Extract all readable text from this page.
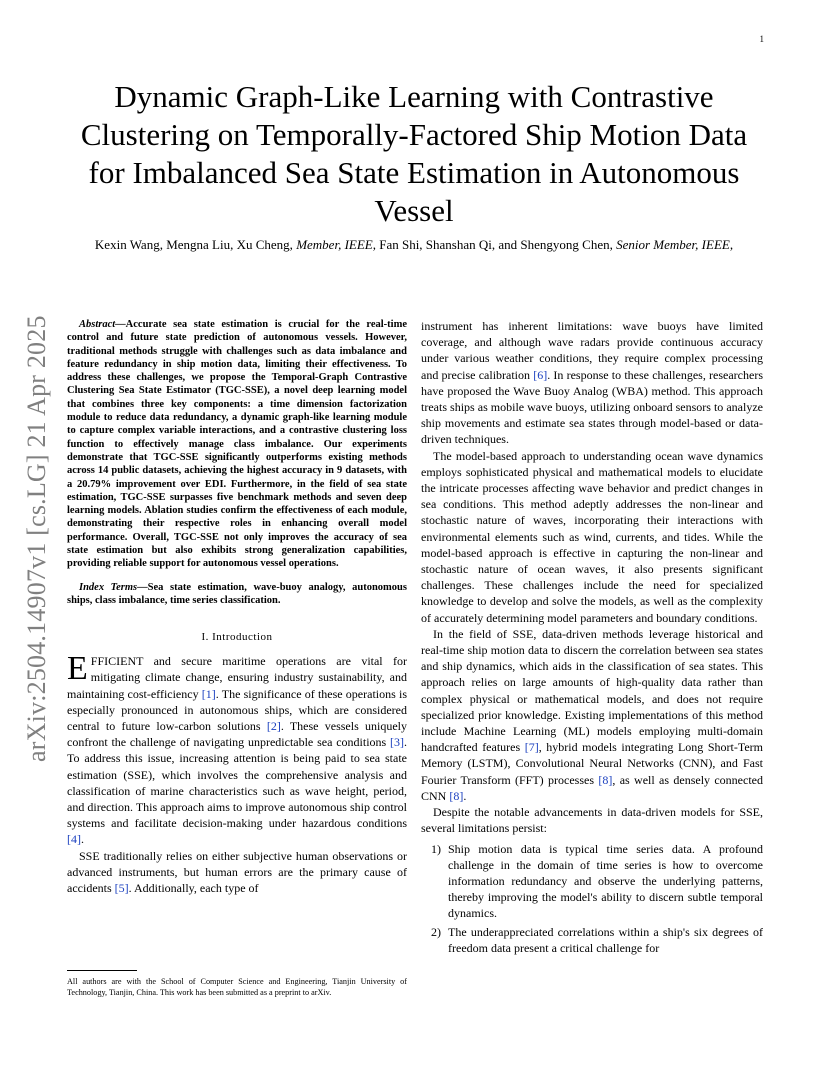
1
arXiv:2504.14907v1 [cs.LG] 21 Apr 2025
Dynamic Graph-Like Learning with Contrastive Clustering on Temporally-Factored Ship Motion Data for Imbalanced Sea State Estimation in Autonomous Vessel

Kexin Wang, Mengna Liu, Xu Cheng, Member, IEEE, Fan Shi, Shanshan Qi, and Shengyong Chen, Senior Member, IEEE,

Abstract—Accurate sea state estimation is crucial for the real-time control and future state prediction of autonomous vessels. However, traditional methods struggle with challenges such as data imbalance and feature redundancy in ship motion data, limiting their effectiveness. To address these challenges, we propose the Temporal-Graph Contrastive Clustering Sea State Estimator (TGC-SSE), a novel deep learning model that combines three key components: a time dimension factorization module to reduce data redundancy, a dynamic graph-like learning module to capture complex variable interactions, and a contrastive clustering loss function to effectively manage class imbalance. Our experiments demonstrate that TGC-SSE significantly outperforms existing methods across 14 public datasets, achieving the highest accuracy in 9 datasets, with a 20.79% improvement over EDI. Furthermore, in the field of sea state estimation, TGC-SSE surpasses five benchmark methods and seven deep learning models. Ablation studies confirm the effectiveness of each module, demonstrating their respective roles in enhancing overall model performance. Overall, TGC-SSE not only improves the accuracy of sea state estimation but also exhibits strong generalization capabilities, providing reliable support for autonomous vessel operations.

Index Terms—Sea state estimation, wave-buoy analogy, autonomous ships, class imbalance, time series classification.

I. Introduction

EFFICIENT and secure maritime operations are vital for mitigating climate change, ensuring industry sustainability, and maintaining cost-efficiency [1]. The significance of these operations is especially pronounced in autonomous ships, which are considered central to future low-carbon solutions [2]. These vessels uniquely confront the challenge of navigating unpredictable sea conditions [3]. To address this issue, increasing attention is being paid to sea state estimation (SSE), which involves the comprehensive analysis and classification of marine characteristics such as wave height, period, and direction. This approach aims to improve autonomous ship control systems and facilitate decision-making under hazardous conditions [4].

SSE traditionally relies on either subjective human observations or advanced instruments, but human errors are the primary cause of accidents [5]. Additionally, each type of

All authors are with the School of Computer Science and Engineering, Tianjin University of Technology, Tianjin, China. This work has been submitted as a preprint to arXiv.

instrument has inherent limitations: wave buoys have limited coverage, and although wave radars provide continuous accuracy under various weather conditions, they require complex processing and precise calibration [6]. In response to these challenges, researchers have proposed the Wave Buoy Analog (WBA) method. This approach treats ships as mobile wave buoys, utilizing onboard sensors to analyze ship movements and estimate sea states through model-based or data-driven techniques.

The model-based approach to understanding ocean wave dynamics employs sophisticated physical and mathematical models to elucidate the intricate processes affecting wave behavior and predict changes in sea conditions. This method adeptly addresses the non-linear and stochastic nature of waves, incorporating their interactions with environmental elements such as wind, currents, and tides. While the model-based approach is effective in capturing the non-linear and stochastic nature of ocean waves, it also presents significant challenges. These challenges include the need for specialized knowledge to develop and solve the models, as well as the complexity of accurately determining model parameters and boundary conditions.

In the field of SSE, data-driven methods leverage historical and real-time ship motion data to discern the correlation between sea states and ship dynamics, which aids in the classification of sea states. This approach relies on large amounts of high-quality data rather than complex physical or mathematical models, and does not require specialized prior knowledge. Existing implementations of this method include Machine Learning (ML) models employing multi-domain handcrafted features [7], hybrid models integrating Long Short-Term Memory (LSTM), Convolutional Neural Networks (CNN), and Fast Fourier Transform (FFT) processes [8], as well as densely connected CNN [8].

Despite the notable advancements in data-driven models for SSE, several limitations persist:

1) Ship motion data is typical time series data. A profound challenge in the domain of time series is how to overcome information redundancy and observe the underlying patterns, thereby improving the model's ability to discern subtle temporal dynamics.
2) The underappreciated correlations within a ship's six degrees of freedom data present a critical challenge for
